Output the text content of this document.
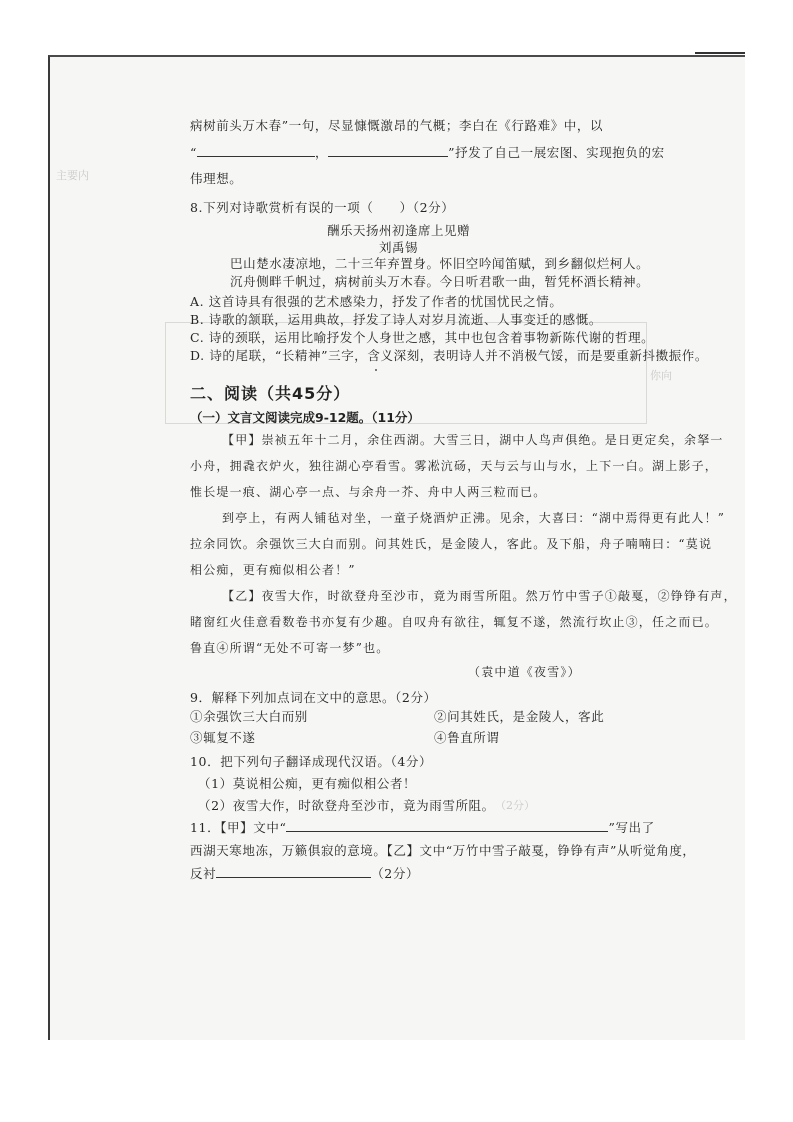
主要内
（2分）
你向
病树前头万木春”一句，尽显慷慨激昂的气概；李白在《行路难》中，以
“	，	”抒发了自己一展宏图、实现抱负的宏
伟理想。
8.下列对诗歌赏析有误的一项（　　）（2分）
酬乐天扬州初逢席上见赠
刘禹锡
巴山楚水凄凉地，二十三年弃置身。怀旧空吟闻笛赋，到乡翻似烂柯人。
沉舟侧畔千帆过，病树前头万木春。今日听君歌一曲，暂凭杯酒长精神。
A. 这首诗具有很强的艺术感染力，抒发了作者的忧国忧民之情。
B. 诗歌的颔联，运用典故，抒发了诗人对岁月流逝、人事变迁的感慨。
C. 诗的颈联，运用比喻抒发个人身世之感，其中也包含着事物新陈代谢的哲理。
D. 诗的尾联，“长精神”三字，含义深刻，表明诗人并不消极气馁，而是要重新抖擞振作。
二、阅读（共45分）
（一）文言文阅读完成9-12题。（11分）
【甲】崇祯五年十二月，余住西湖。大雪三日，湖中人鸟声俱绝。是日更定矣，余拏一
小舟，拥毳衣炉火，独往湖心亭看雪。雾凇沆砀，天与云与山与水，上下一白。湖上影子，
惟长堤一痕、湖心亭一点、与余舟一芥、舟中人两三粒而已。
到亭上，有两人铺毡对坐，一童子烧酒炉正沸。见余，大喜曰：“湖中焉得更有此人！”
拉余同饮。余强饮三大白而别。问其姓氏，是金陵人，客此。及下船，舟子喃喃曰：“莫说
相公痴，更有痴似相公者！”
【乙】夜雪大作，时欲登舟至沙市，竟为雨雪所阻。然万竹中雪子①敲戛，②铮铮有声，
睹窗红火佳意看数卷书亦复有少趣。自叹舟有欲往，辄复不遂，然流行坎止③，任之而已。
鲁直④所谓“无处不可寄一梦”也。
（袁中道《夜雪》）
9．解释下列加点词在文中的意思。（2分）
①余强饮三大白而别	②问其姓氏，是金陵人，客此
③辄复不遂	④鲁直所谓
10．把下列句子翻译成现代汉语。（4分）
（1）莫说相公痴，更有痴似相公者！
（2）夜雪大作，时欲登舟至沙市，竟为雨雪所阻。
11．【甲】文中“	”写出了
西湖天寒地冻，万籁俱寂的意境。【乙】文中“万竹中雪子敲戛，铮铮有声”从听觉角度，
反衬	（2分）
